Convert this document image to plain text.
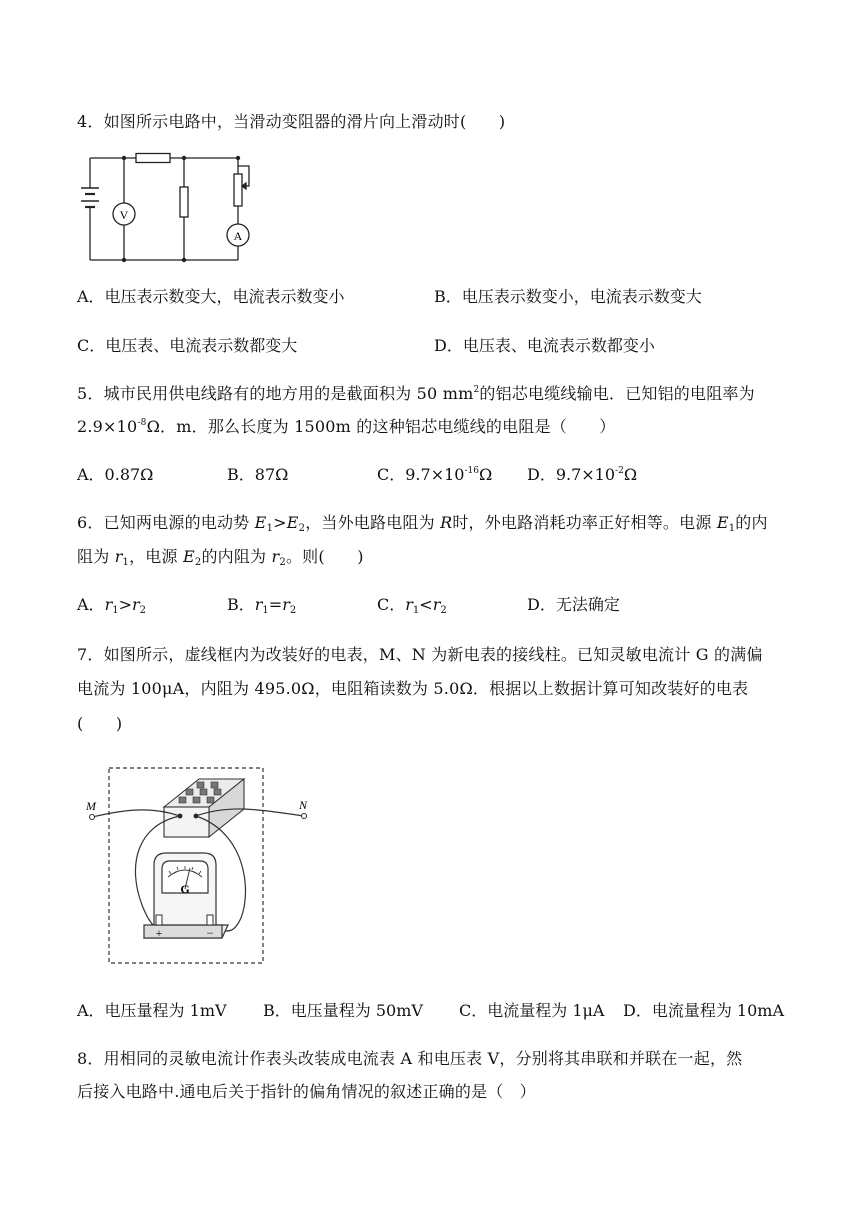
4．如图所示电路中，当滑动变阻器的滑片向上滑动时(　　)
V
A
A．电压表示数变大，电流表示数变小	B．电压表示数变小，电流表示数变大
C．电压表、电流表示数都变大	D．电压表、电流表示数都变小
5．城市民用供电线路有的地方用的是截面积为 50 $mm^2$的铝芯电缆线输电．已知铝的电阻率为
$2.9\times 10^{-8}\Omega$．m．那么长度为 1500m 的这种铝芯电缆线的电阻是（　　）
A．0.87Ω	B．87Ω	C．$9.7\times 10^{-16}\Omega$ D．$9.7\times 10^{-2}\Omega$
6．已知两电源的电动势 $E_1>E_2$，当外电路电阻为 R时，外电路消耗功率正好相等。电源 $E_1$的内
阻为 $r_1$，电源 $E_2$的内阻为 $r_2$。则(　　)
A．$r_1>r_2$	B．$r_1=r_2$	C．$r_1<r_2$	D．无法确定
7．如图所示，虚线框内为改装好的电表，M、N 为新电表的接线柱。已知灵敏电流计 G 的满偏
电流为 100μA，内阻为 495.0Ω，电阻箱读数为 5.0Ω．根据以上数据计算可知改装好的电表
(　　)
M	N
G
+	−
A．电压量程为 1mV B．电压量程为 50mV C．电流量程为 1μA D．电流量程为 10mA
8．用相同的灵敏电流计作表头改装成电流表 A 和电压表 V，分别将其串联和并联在一起，然
后接入电路中.通电后关于指针的偏角情况的叙述正确的是（　）
